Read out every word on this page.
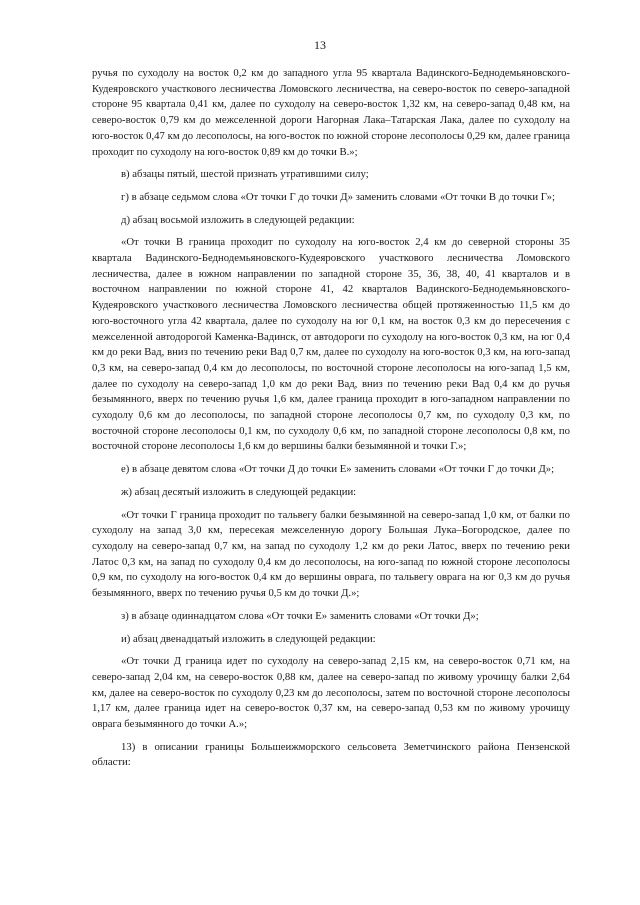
13

ручья по суходолу на восток 0,2 км до западного угла 95 квартала Вадинского-Беднодемьяновского-Кудеяровского участкового лесничества Ломовского лесничества, на северо-восток по северо-западной стороне 95 квартала 0,41 км, далее по суходолу на северо-восток 1,32 км, на северо-запад 0,48 км, на северо-восток 0,79 км до межселенной дороги Нагорная Лака–Татарская Лака, далее по суходолу на юго-восток 0,47 км до лесополосы, на юго-восток по южной стороне лесополосы 0,29 км, далее граница проходит по суходолу на юго-восток 0,89 км до точки В.»;

в) абзацы пятый, шестой признать утратившими силу;

г) в абзаце седьмом слова «От точки Г до точки Д» заменить словами «От точки В до точки Г»;

д) абзац восьмой изложить в следующей редакции:

«От точки В граница проходит по суходолу на юго-восток 2,4 км до северной стороны 35 квартала Вадинского-Беднодемьяновского-Кудеяровского участкового лесничества Ломовского лесничества, далее в южном направлении по западной стороне 35, 36, 38, 40, 41 кварталов и в восточном направлении по южной стороне 41, 42 кварталов Вадинского-Беднодемьяновского-Кудеяровского участкового лесничества Ломовского лесничества общей протяженностью 11,5 км до юго-восточного угла 42 квартала, далее по суходолу на юг 0,1 км, на восток 0,3 км до пересечения с межселенной автодорогой Каменка-Вадинск, от автодороги по суходолу на юго-восток 0,3 км, на юг 0,4 км до реки Вад, вниз по течению реки Вад 0,7 км, далее по суходолу на юго-восток 0,3 км, на юго-запад 0,3 км, на северо-запад 0,4 км до лесополосы, по восточной стороне лесополосы на юго-запад 1,5 км, далее по суходолу на северо-запад 1,0 км до реки Вад, вниз по течению реки Вад 0,4 км до ручья безымянного, вверх по течению ручья 1,6 км, далее граница проходит в юго-западном направлении по суходолу 0,6 км до лесополосы, по западной стороне лесополосы 0,7 км, по суходолу 0,3 км, по восточной стороне лесополосы 0,1 км, по суходолу 0,6 км, по западной стороне лесополосы 0,8 км, по восточной стороне лесополосы 1,6 км до вершины балки безымянной и точки Г.»;

е) в абзаце девятом слова «От точки Д до точки Е» заменить словами «От точки Г до точки Д»;

ж) абзац десятый изложить в следующей редакции:

«От точки Г граница проходит по тальвегу балки безымянной на северо-запад 1,0 км, от балки по суходолу на запад 3,0 км, пересекая межселенную дорогу Большая Лука–Богородское, далее по суходолу на северо-запад 0,7 км, на запад по суходолу 1,2 км до реки Латос, вверх по течению реки Латос 0,3 км, на запад по суходолу 0,4 км до лесополосы, на юго-запад по южной стороне лесополосы 0,9 км, по суходолу на юго-восток 0,4 км до вершины оврага, по тальвегу оврага на юг 0,3 км до ручья безымянного, вверх по течению ручья 0,5 км до точки Д.»;

з) в абзаце одиннадцатом слова «От точки Е» заменить словами «От точки Д»;

и) абзац двенадцатый изложить в следующей редакции:

«От точки Д граница идет по суходолу на северо-запад 2,15 км, на северо-восток 0,71 км, на северо-запад 2,04 км, на северо-восток 0,88 км, далее на северо-запад по живому урочищу балки 2,64 км, далее на северо-восток по суходолу 0,23 км до лесополосы, затем по восточной стороне лесополосы 1,17 км, далее граница идет на северо-восток 0,37 км, на северо-запад 0,53 км по живому урочищу оврага безымянного до точки А.»;

13) в описании границы Большеижморского сельсовета Земетчинского района Пензенской области:
